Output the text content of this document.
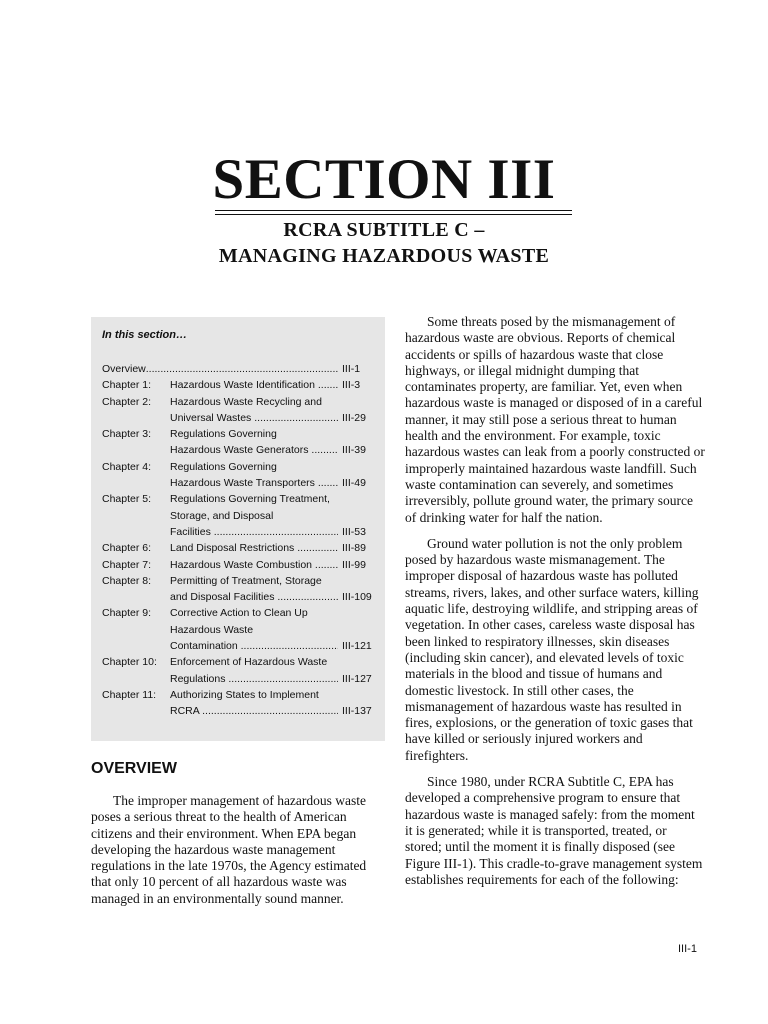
SECTION III
RCRA SUBTITLE C –
MANAGING HAZARDOUS WASTE
In this section…
Overview
.....	III-1
Chapter 1:	Hazardous Waste Identification .....	III-3
Chapter 2:	Hazardous Waste Recycling and
Universal Wastes .....	III-29
Chapter 3:	Regulations Governing
Hazardous Waste Generators .....	III-39
Chapter 4:	Regulations Governing
Hazardous Waste Transporters .....	III-49
Chapter 5:	Regulations Governing Treatment,
Storage, and Disposal
Facilities .....	III-53
Chapter 6:	Land Disposal Restrictions .....	III-89
Chapter 7:	Hazardous Waste Combustion .....	III-99
Chapter 8:	Permitting of Treatment, Storage
and Disposal Facilities .....	III-109
Chapter 9:	Corrective Action to Clean Up
Hazardous Waste
Contamination .....	III-121
Chapter 10:	Enforcement of Hazardous Waste
Regulations .....	III-127
Chapter 11:	Authorizing States to Implement
RCRA .....	III-137
OVERVIEW

The improper management of hazardous waste poses a serious threat to the health of American citizens and their environment. When EPA began developing the hazardous waste management regulations in the late 1970s, the Agency estimated that only 10 percent of all hazardous waste was managed in an environmentally sound manner.

Some threats posed by the mismanagement of hazardous waste are obvious. Reports of chemical accidents or spills of hazardous waste that close highways, or illegal midnight dumping that contaminates property, are familiar. Yet, even when hazardous waste is managed or disposed of in a careful manner, it may still pose a serious threat to human health and the environment. For example, toxic hazardous wastes can leak from a poorly constructed or improperly maintained hazardous waste landfill. Such waste contamination can severely, and sometimes irreversibly, pollute ground water, the primary source of drinking water for half the nation.

Ground water pollution is not the only problem posed by hazardous waste mismanagement. The improper disposal of hazardous waste has polluted streams, rivers, lakes, and other surface waters, killing aquatic life, destroying wildlife, and stripping areas of vegetation. In other cases, careless waste disposal has been linked to respiratory illnesses, skin diseases (including skin cancer), and elevated levels of toxic materials in the blood and tissue of humans and domestic livestock. In still other cases, the mismanagement of hazardous waste has resulted in fires, explosions, or the generation of toxic gases that have killed or seriously injured workers and firefighters.

Since 1980, under RCRA Subtitle C, EPA has developed a comprehensive program to ensure that hazardous waste is managed safely: from the moment it is generated; while it is transported, treated, or stored; until the moment it is finally disposed (see Figure III-1). This cradle-to-grave management system establishes requirements for each of the following:

III-1
